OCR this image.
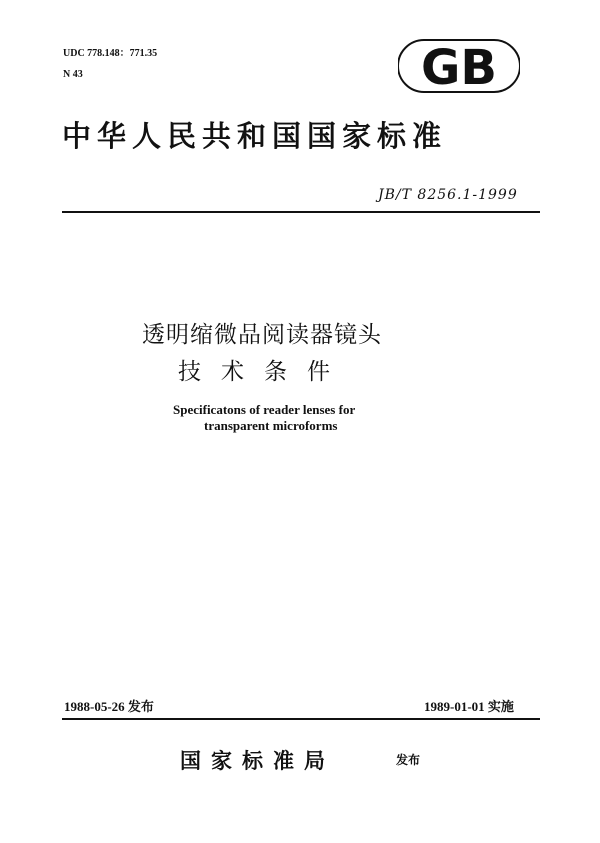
UDC 778.148：771.35
N 43	GB
中华人民共和国国家标准
JB/T 8256.1-1999
透明缩微品阅读器镜头
技术条件
Specificatons of reader lenses for
transparent microforms
1988-05-26 发布	1989-01-01 实施
国家标准局	发布
